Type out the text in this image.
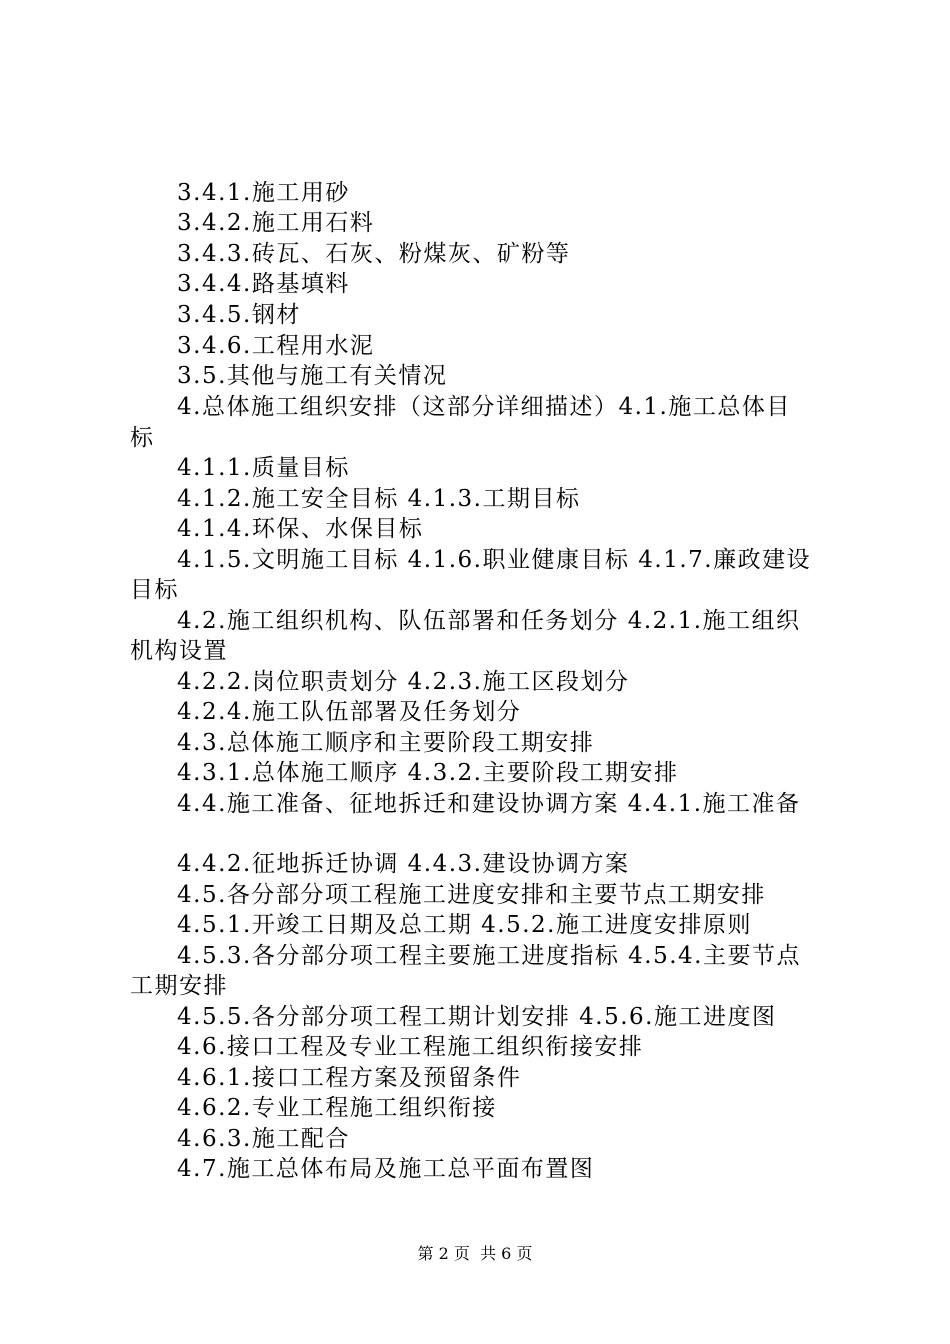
3.4.1.施工用砂
3.4.2.施工用石料
3.4.3.砖瓦、石灰、粉煤灰、矿粉等
3.4.4.路基填料
3.4.5.钢材
3.4.6.工程用水泥
3.5.其他与施工有关情况
4.总体施工组织安排（这部分详细描述）4.1.施工总体目
标
4.1.1.质量目标
4.1.2.施工安全目标 4.1.3.工期目标
4.1.4.环保、水保目标
4.1.5.文明施工目标 4.1.6.职业健康目标 4.1.7.廉政建设
目标
4.2.施工组织机构、队伍部署和任务划分 4.2.1.施工组织
机构设置
4.2.2.岗位职责划分 4.2.3.施工区段划分
4.2.4.施工队伍部署及任务划分
4.3.总体施工顺序和主要阶段工期安排
4.3.1.总体施工顺序 4.3.2.主要阶段工期安排
4.4.施工准备、征地拆迁和建设协调方案 4.4.1.施工准备
4.4.2.征地拆迁协调 4.4.3.建设协调方案
4.5.各分部分项工程施工进度安排和主要节点工期安排
4.5.1.开竣工日期及总工期 4.5.2.施工进度安排原则
4.5.3.各分部分项工程主要施工进度指标 4.5.4.主要节点
工期安排
4.5.5.各分部分项工程工期计划安排 4.5.6.施工进度图
4.6.接口工程及专业工程施工组织衔接安排
4.6.1.接口工程方案及预留条件
4.6.2.专业工程施工组织衔接
4.6.3.施工配合
4.7.施工总体布局及施工总平面布置图
第 2 页  共 6 页
